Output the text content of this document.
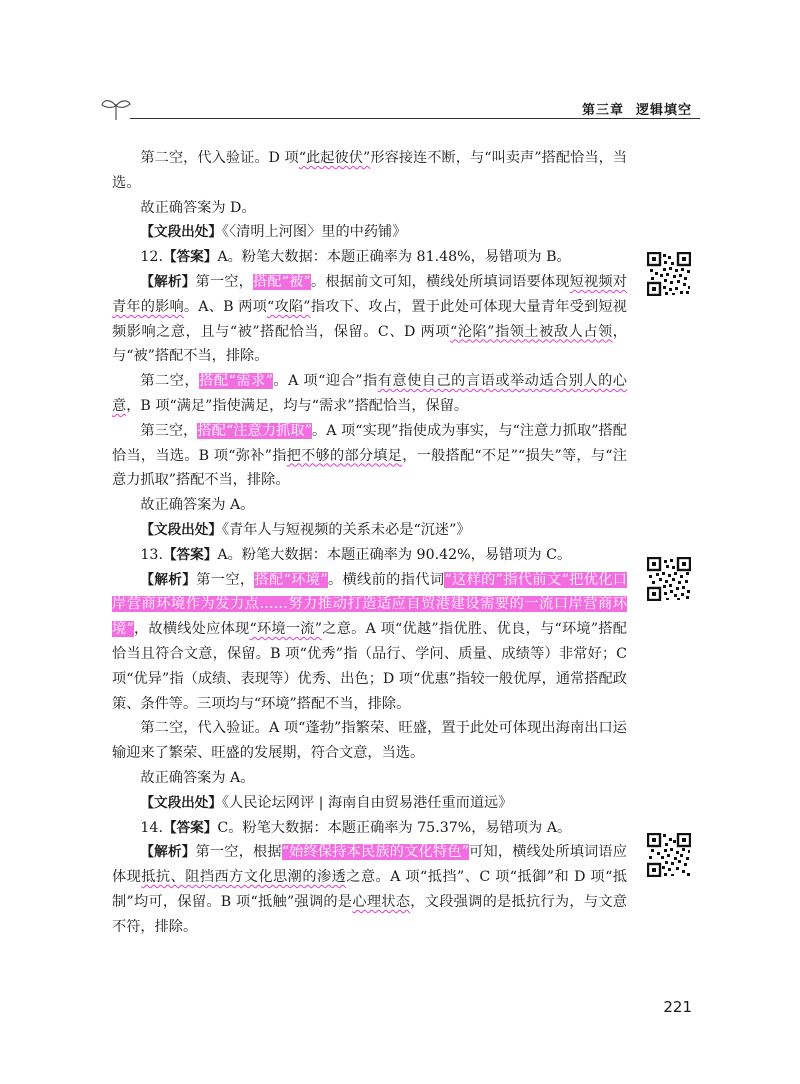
第三章 逻辑填空

第二空，代入验证。D 项“此起彼伏”形容接连不断，与“叫卖声”搭配恰当，当选。

故正确答案为 D。

【文段出处】《〈清明上河图〉里的中药铺》

12.【答案】A。粉笔大数据：本题正确率为 81.48%，易错项为 B。

【解析】第一空，搭配“被”。根据前文可知，横线处所填词语要体现短视频对青年的影响。A、B 两项“攻陷”指攻下、攻占，置于此处可体现大量青年受到短视频影响之意，且与“被”搭配恰当，保留。C、D 两项“沦陷”指领土被敌人占领，与“被”搭配不当，排除。

第二空，搭配“需求”。A 项“迎合”指有意使自己的言语或举动适合别人的心意，B 项“满足”指使满足，均与“需求”搭配恰当，保留。

第三空，搭配“注意力抓取”。A 项“实现”指使成为事实，与“注意力抓取”搭配恰当，当选。B 项“弥补”指把不够的部分填足，一般搭配“不足”“损失”等，与“注意力抓取”搭配不当，排除。

故正确答案为 A。

【文段出处】《青年人与短视频的关系未必是“沉迷”》

13.【答案】A。粉笔大数据：本题正确率为 90.42%，易错项为 C。

【解析】第一空，搭配“环境”。横线前的指代词“这样的”指代前文“把优化口岸营商环境作为发力点……努力推动打造适应自贸港建设需要的一流口岸营商环境”，故横线处应体现“环境一流”之意。A 项“优越”指优胜、优良，与“环境”搭配恰当且符合文意，保留。B 项“优秀”指（品行、学问、质量、成绩等）非常好；C 项“优异”指（成绩、表现等）优秀、出色；D 项“优惠”指较一般优厚，通常搭配政策、条件等。三项均与“环境”搭配不当，排除。

第二空，代入验证。A 项“蓬勃”指繁荣、旺盛，置于此处可体现出海南出口运输迎来了繁荣、旺盛的发展期，符合文意，当选。

故正确答案为 A。

【文段出处】《人民论坛网评 | 海南自由贸易港任重而道远》

14.【答案】C。粉笔大数据：本题正确率为 75.37%，易错项为 A。

【解析】第一空，根据“始终保持本民族的文化特色”可知，横线处所填词语应体现抵抗、阻挡西方文化思潮的渗透之意。A 项“抵挡”、C 项“抵御”和 D 项“抵制”均可，保留。B 项“抵触”强调的是心理状态，文段强调的是抵抗行为，与文意不符，排除。

221
